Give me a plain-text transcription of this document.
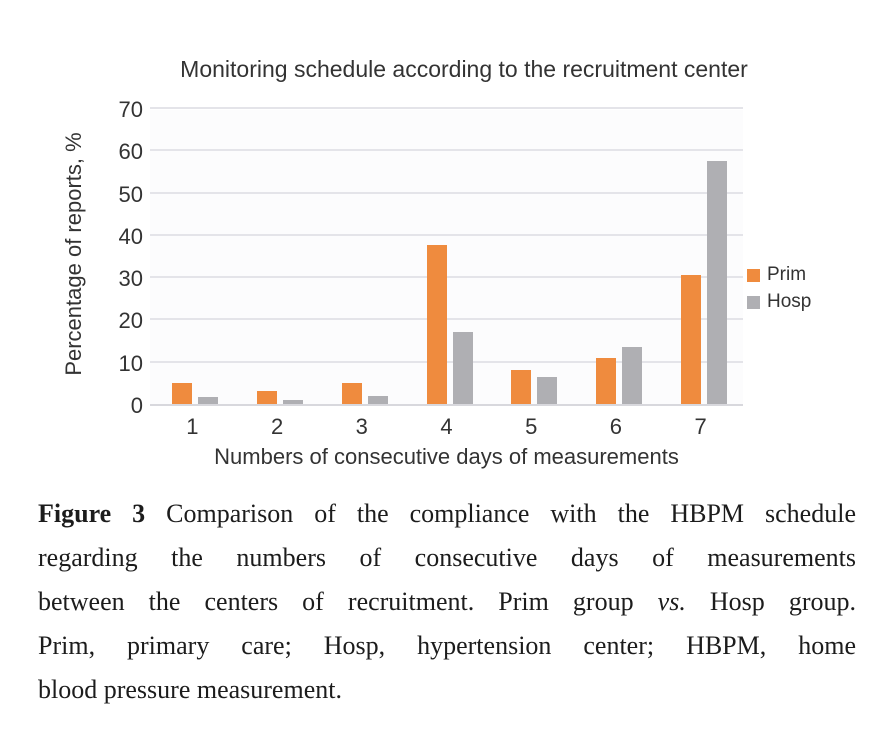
Monitoring schedule according to the recruitment center
Percentage of reports, %
0
10
20
30
40
50
60
70
1	2	3	4	5	6	7
Numbers of consecutive days of measurements
Prim
Hosp
Figure 3 Comparison of the compliance with the HBPM schedule
regarding the numbers of consecutive days of measurements
between the centers of recruitment. Prim group vs. Hosp group.
Prim, primary care; Hosp, hypertension center; HBPM, home
blood pressure measurement.
